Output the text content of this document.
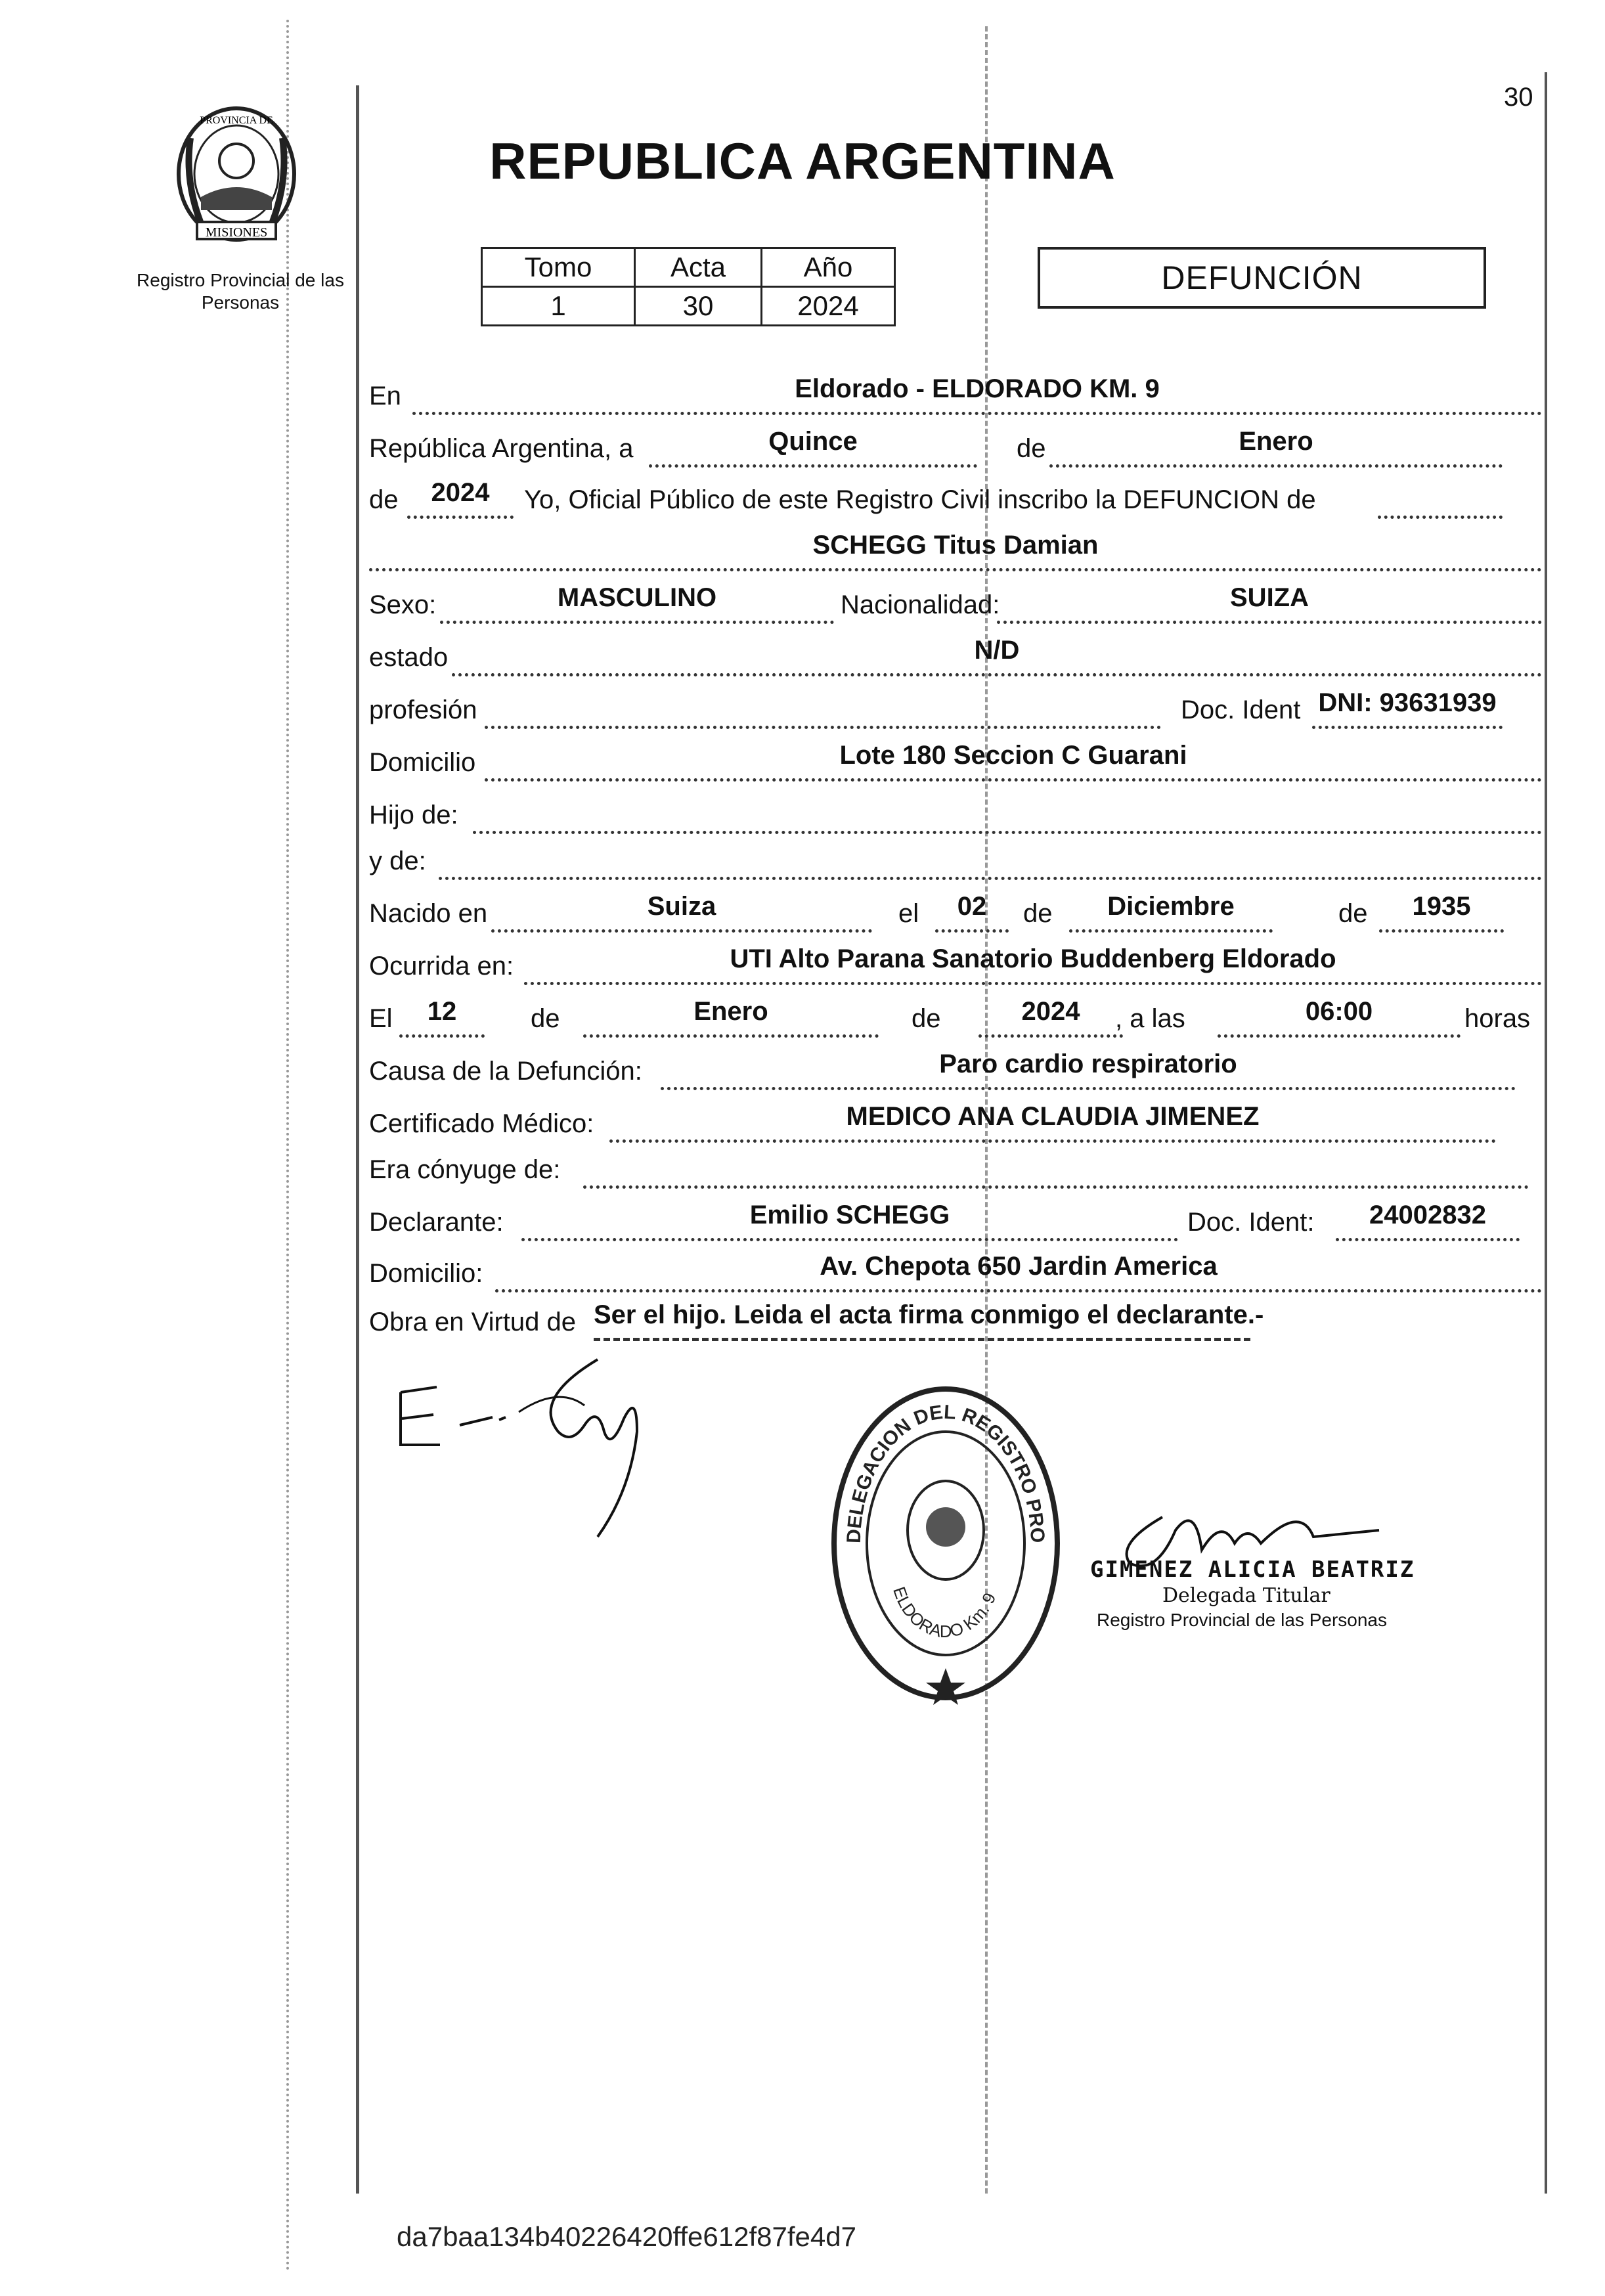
30
MISIONES
PROVINCIA DE
Registro Provincial de las Personas
REPUBLICA ARGENTINA
Tomo	Acta	Año
1	30	2024
DEFUNCIÓN
En	Eldorado - ELDORADO KM. 9
República Argentina, a	Quince	de	Enero
de	2024	Yo, Oficial Público de este Registro Civil inscribo la DEFUNCION de
SCHEGG Titus Damian
Sexo:	MASCULINO	Nacionalidad:	SUIZA
estado	N/D
profesión	Doc. Ident DNI: 93631939
Domicilio	Lote 180 Seccion C Guarani
Hijo de:
y de:
Nacido en	Suiza	el	02	de	Diciembre	de	1935
Ocurrida en:	UTI Alto Parana Sanatorio Buddenberg Eldorado
El	12	de	Enero	de	2024	, a las	06:00	horas
Causa de la Defunción:	Paro cardio respiratorio
Certificado Médico:	MEDICO ANA CLAUDIA JIMENEZ
Era cónyuge de:
Declarante:	Emilio SCHEGG	Doc. Ident:	24002832
Domicilio:	Av. Chepota 650 Jardin America
Obra en Virtud de Ser el hijo. Leida el acta firma conmigo el declarante.-
DELEGACION DEL REGISTRO PRO
ELDORADO Km. 9
GIMENEZ ALICIA BEATRIZ
Delegada Titular
Registro Provincial de las Personas
da7baa134b40226420ffe612f87fe4d7
